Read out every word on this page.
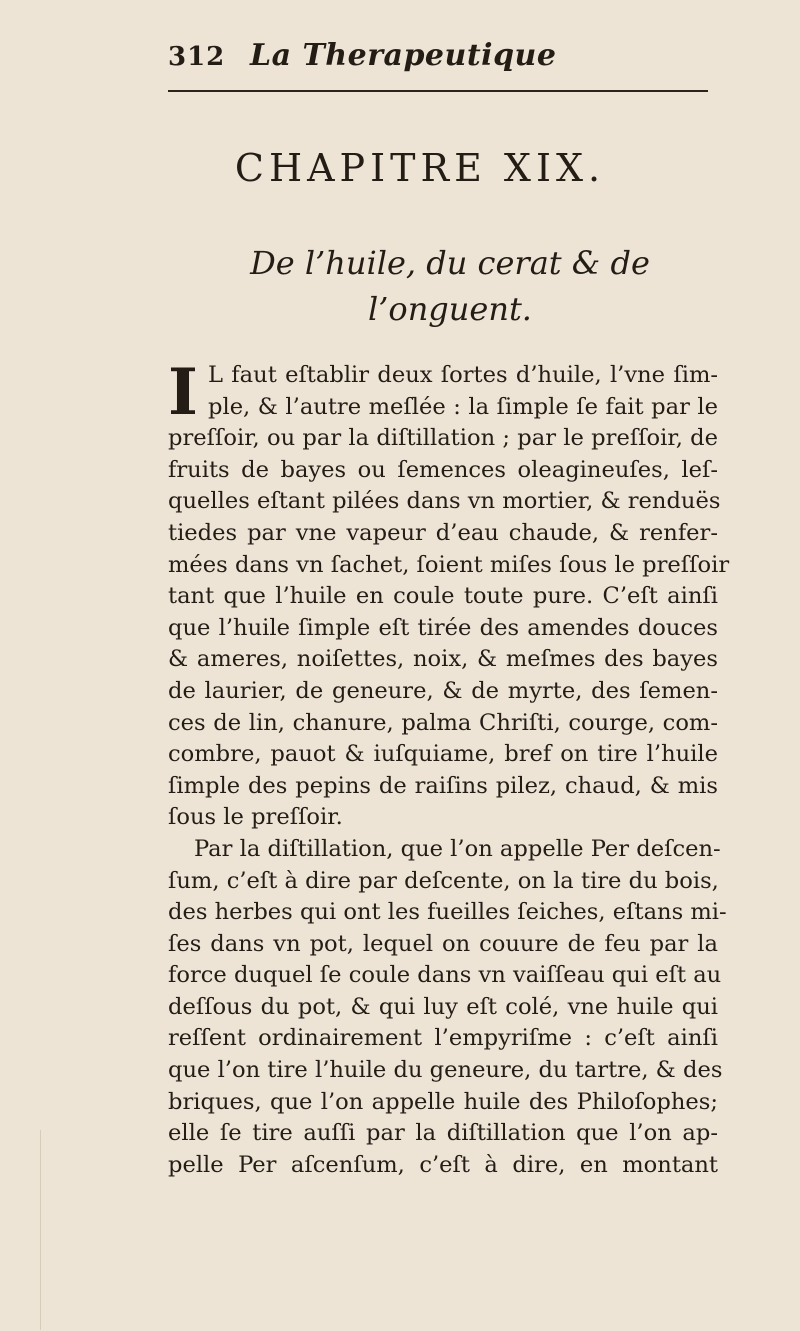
312 La Therapeutique
CHAPITRE XIX.
De l’huile, du cerat & de
l’onguent.
I L faut eſtablir deux ſortes d’huile, l’vne ſim-
ple, & l’autre meſlée : la ſimple ſe fait par le
preſſoir, ou par la diſtillation ; par le preſſoir, de
fruits de bayes ou ſemences oleagineuſes, leſ-
quelles eſtant pilées dans vn mortier, & renduës
tiedes par vne vapeur d’eau chaude, & renfer-
mées dans vn ſachet, ſoient miſes ſous le preſſoir
tant que l’huile en coule toute pure. C’eſt ainſi
que l’huile ſimple eſt tirée des amendes douces
& ameres, noiſettes, noix, & meſmes des bayes
de laurier, de geneure, & de myrte, des ſemen-
ces de lin, chanure, palma Chriſti, courge, com-
combre, pauot & iuſquiame, bref on tire l’huile
ſimple des pepins de raiſins pilez, chaud, & mis
ſous le preſſoir.
Par la diſtillation, que l’on appelle Per deſcen-
ſum, c’eſt à dire par deſcente, on la tire du bois,
des herbes qui ont les fueilles ſeiches, eſtans mi-
ſes dans vn pot, lequel on couure de feu par la
force duquel ſe coule dans vn vaiſſeau qui eſt au
deſſous du pot, & qui luy eſt colé, vne huile qui
reſſent ordinairement l’empyriſme : c’eſt ainſi
que l’on tire l’huile du geneure, du tartre, & des
briques, que l’on appelle huile des Philoſophes;
elle ſe tire auſſi par la diſtillation que l’on ap-
pelle Per aſcenſum, c’eſt à dire, en montant
